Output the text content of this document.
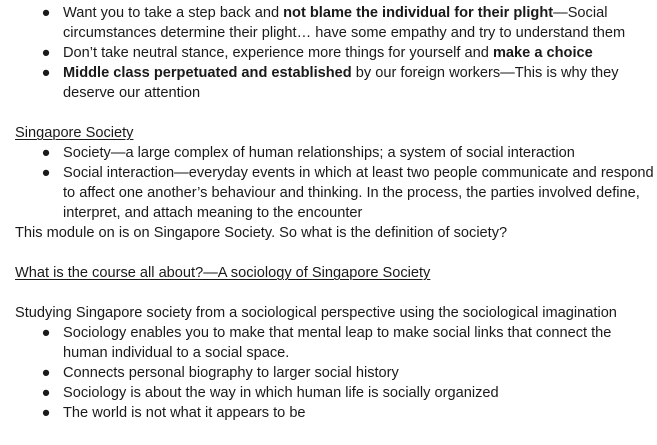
● Want you to take a step back and not blame the individual for their plight—Social circumstances determine their plight… have some empathy and try to understand them
● Don’t take neutral stance, experience more things for yourself and make a choice
● Middle class perpetuated and established by our foreign workers—This is why they deserve our attention

Singapore Society

● Society—a large complex of human relationships; a system of social interaction
● Social interaction—everyday events in which at least two people communicate and respond to affect one another’s behaviour and thinking. In the process, the parties involved define, interpret, and attach meaning to the encounter

This module on is on Singapore Society. So what is the definition of society?

What is the course all about?—A sociology of Singapore Society

Studying Singapore society from a sociological perspective using the sociological imagination

● Sociology enables you to make that mental leap to make social links that connect the human individual to a social space.
● Connects personal biography to larger social history
● Sociology is about the way in which human life is socially organized
● The world is not what it appears to be
